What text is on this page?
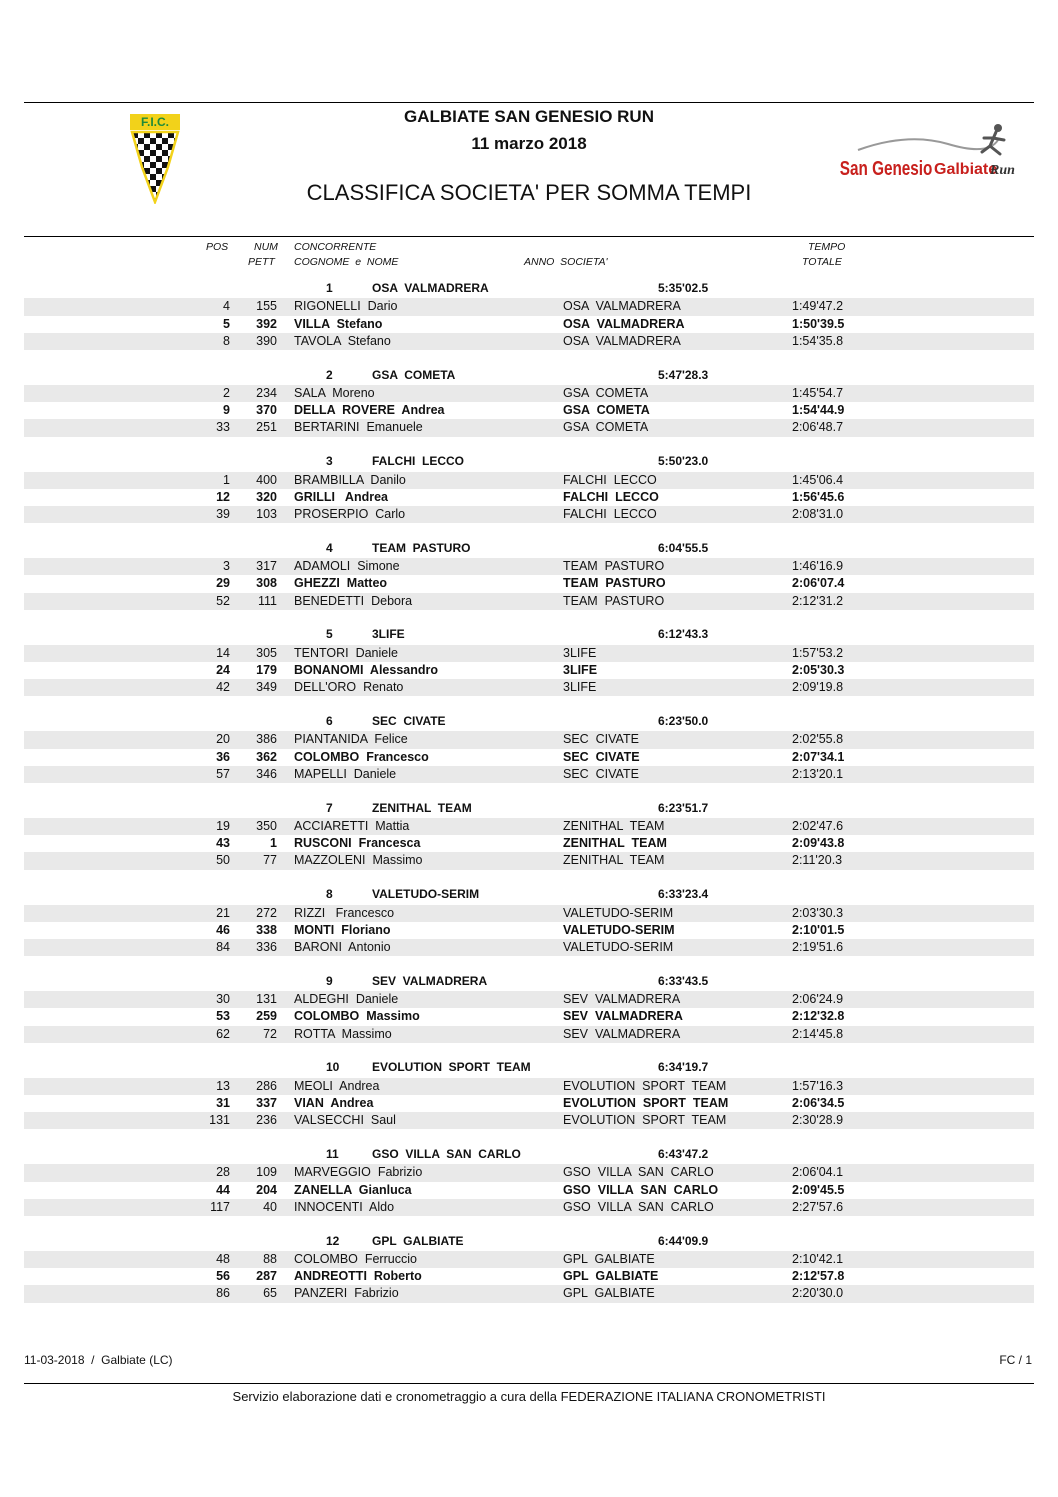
F.I.C.	GALBIATE SAN GENESIO RUN
11 marzo 2018
CLASSIFICA SOCIETA' PER SOMMA TEMPI
San Genesio Galbiate
Run
POS NUM
PETT
CONCORRENTE
COGNOME  e  NOME	ANNO  SOCIETA'
TEMPO
TOTALE
1	OSA  VALMADRERA	5:35'02.5
4	155 RIGONELLI  Dario	OSA  VALMADRERA	1:49'47.2
5	392 VILLA  Stefano	OSA  VALMADRERA	1:50'39.5
8	390 TAVOLA  Stefano	OSA  VALMADRERA	1:54'35.8
2	GSA  COMETA	5:47'28.3
2	234 SALA  Moreno	GSA  COMETA	1:45'54.7
9	370 DELLA  ROVERE  Andrea	GSA  COMETA	1:54'44.9
33	251 BERTARINI  Emanuele	GSA  COMETA	2:06'48.7
3	FALCHI  LECCO	5:50'23.0
1	400 BRAMBILLA  Danilo	FALCHI  LECCO	1:45'06.4
12	320 GRILLI   Andrea	FALCHI  LECCO	1:56'45.6
39	103 PROSERPIO  Carlo	FALCHI  LECCO	2:08'31.0
4	TEAM  PASTURO	6:04'55.5
3	317 ADAMOLI  Simone	TEAM  PASTURO	1:46'16.9
29	308 GHEZZI  Matteo	TEAM  PASTURO	2:06'07.4
52	111 BENEDETTI  Debora	TEAM  PASTURO	2:12'31.2
5	3LIFE	6:12'43.3
14	305 TENTORI  Daniele	3LIFE	1:57'53.2
24	179 BONANOMI  Alessandro	3LIFE	2:05'30.3
42	349 DELL'ORO  Renato	3LIFE	2:09'19.8
6	SEC  CIVATE	6:23'50.0
20	386 PIANTANIDA  Felice	SEC  CIVATE	2:02'55.8
36	362 COLOMBO  Francesco	SEC  CIVATE	2:07'34.1
57	346 MAPELLI  Daniele	SEC  CIVATE	2:13'20.1
7	ZENITHAL  TEAM	6:23'51.7
19	350 ACCIARETTI  Mattia	ZENITHAL  TEAM	2:02'47.6
43	1 RUSCONI  Francesca	ZENITHAL  TEAM	2:09'43.8
50	77 MAZZOLENI  Massimo	ZENITHAL  TEAM	2:11'20.3
8	VALETUDO-SERIM	6:33'23.4
21	272 RIZZI   Francesco	VALETUDO-SERIM	2:03'30.3
46	338 MONTI  Floriano	VALETUDO-SERIM	2:10'01.5
84	336 BARONI  Antonio	VALETUDO-SERIM	2:19'51.6
9	SEV  VALMADRERA	6:33'43.5
30	131 ALDEGHI  Daniele	SEV  VALMADRERA	2:06'24.9
53	259 COLOMBO  Massimo	SEV  VALMADRERA	2:12'32.8
62	72 ROTTA  Massimo	SEV  VALMADRERA	2:14'45.8
10	EVOLUTION  SPORT  TEAM	6:34'19.7
13	286 MEOLI  Andrea	EVOLUTION  SPORT  TEAM	1:57'16.3
31	337 VIAN  Andrea	EVOLUTION  SPORT  TEAM	2:06'34.5
131	236 VALSECCHI  Saul	EVOLUTION  SPORT  TEAM	2:30'28.9
11	GSO  VILLA  SAN  CARLO	6:43'47.2
28	109 MARVEGGIO  Fabrizio	GSO  VILLA  SAN  CARLO	2:06'04.1
44	204 ZANELLA  Gianluca	GSO  VILLA  SAN  CARLO	2:09'45.5
117	40 INNOCENTI  Aldo	GSO  VILLA  SAN  CARLO	2:27'57.6
12	GPL  GALBIATE	6:44'09.9
48	88 COLOMBO  Ferruccio	GPL  GALBIATE	2:10'42.1
56	287 ANDREOTTI  Roberto	GPL  GALBIATE	2:12'57.8
86	65 PANZERI  Fabrizio	GPL  GALBIATE	2:20'30.0
11-03-2018  /  Galbiate (LC)	FC / 1
Servizio elaborazione dati e cronometraggio a cura della FEDERAZIONE ITALIANA CRONOMETRISTI
